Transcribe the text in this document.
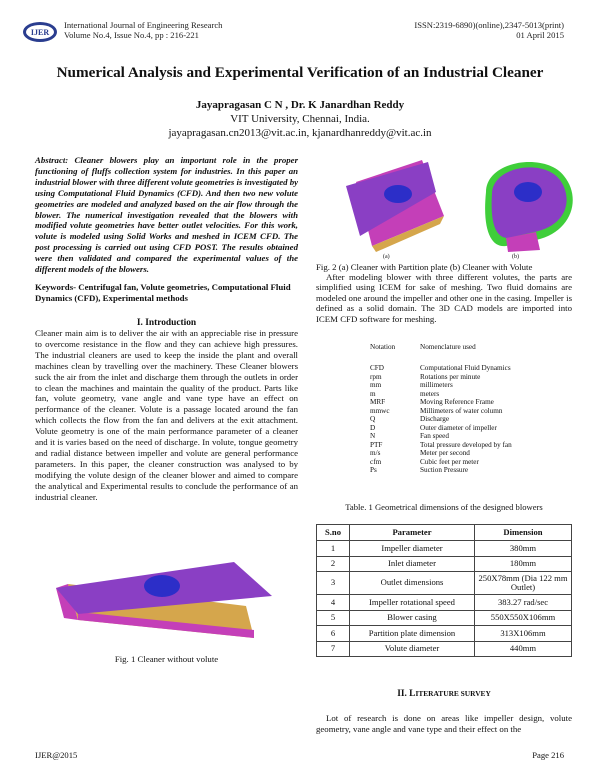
IJER
International Journal of Engineering Research
Volume No.4, Issue No.4, pp : 216-221
ISSN:2319-6890)(online),2347-5013(print)
01 April 2015
Numerical Analysis and Experimental Verification of an Industrial Cleaner
Jayapragasan C N , Dr. K Janardhan Reddy
VIT University, Chennai, India.
jayapragasan.cn2013@vit.ac.in, kjanardhanreddy@vit.ac.in
Abstract: Cleaner blowers play an important role in the proper functioning of fluffs collection system for industries. In this paper an industrial blower with three different volute geometries is investigated by using Computational Fluid Dynamics (CFD). And then two new volute geometries are modeled and analyzed based on the air flow through the blower. The numerical investigation revealed that the blowers with modified volute geometries have better outlet velocities. For this work, volute is modeled using Solid Works and meshed in ICEM CFD. The post processing is carried out using CFD POST. The results obtained were then validated and compared the experimental values of the different models of the blowers.
Keywords- Centrifugal fan, Volute geometries, Computational Fluid Dynamics (CFD), Experimental methods
I. Introduction
Cleaner main aim is to deliver the air with an appreciable rise in pressure to overcome resistance in the flow and they can achieve high pressures. The industrial cleaners are used to keep the inside the plant and overall machines clean by travelling over the machinery. These Cleaner blowers suck the air from the inlet and discharge them through the outlets in order to clean the machines and maintain the quality of the product. Parts like fan, volute geometry, vane angle and vane type have an effect on performance of the cleaner. Volute is a passage located around the fan which collects the flow from the fan and delivers at the exit attachment. Volute geometry is one of the main performance parameter of a cleaner and it is varies based on the need of discharge. In volute, tongue geometry and radial distance between impeller and volute are general performance parameters. In this paper, the cleaner construction was analysed to by modifying the volute design of the cleaner blower and aimed to compare the analytical and Experimental results to conclude the performance of an industrial cleaner.
Fig. 1 Cleaner without volute
(a)	(b)
Fig. 2 (a) Cleaner with Partition plate (b) Cleaner with Volute
After modeling blower with three different volutes, the parts are simplified using ICEM for sake of meshing. Two fluid domains are modeled one around the impeller and other one in the casing. Impeller is defined as a solid domain. The 3D CAD models are imported into ICEM CFD software for meshing.
Notation	Nomenclature used

CFD	Computational Fluid Dynamics
rpm	Rotations per minute
mm	millimeters
m	meters
MRF	Moving Reference Frame
mmwc	Millimeters of water column
Q	Discharge
D	Outer diameter of impeller
N	Fan speed
PTF	Total pressure developed by fan
m/s	Meter per second
cfm	Cubic feet per meter
Ps	Suction Pressure
Table. 1 Geometrical dimensions of the designed blowers
S.no	Parameter	Dimension
1	Impeller diameter	380mm
2	Inlet diameter	180mm
3	Outlet dimensions	250X78mm (Dia 122 mm Outlet)
4	Impeller rotational speed	383.27 rad/sec
5	Blower casing	550X550X106mm
6	Partition plate dimension	313X106mm
7	Volute diameter	440mm
II. LITERATURE SURVEY
Lot of research is done on areas like impeller design, volute geometry, vane angle and vane type and their effect on the
IJER@2015	Page 216
